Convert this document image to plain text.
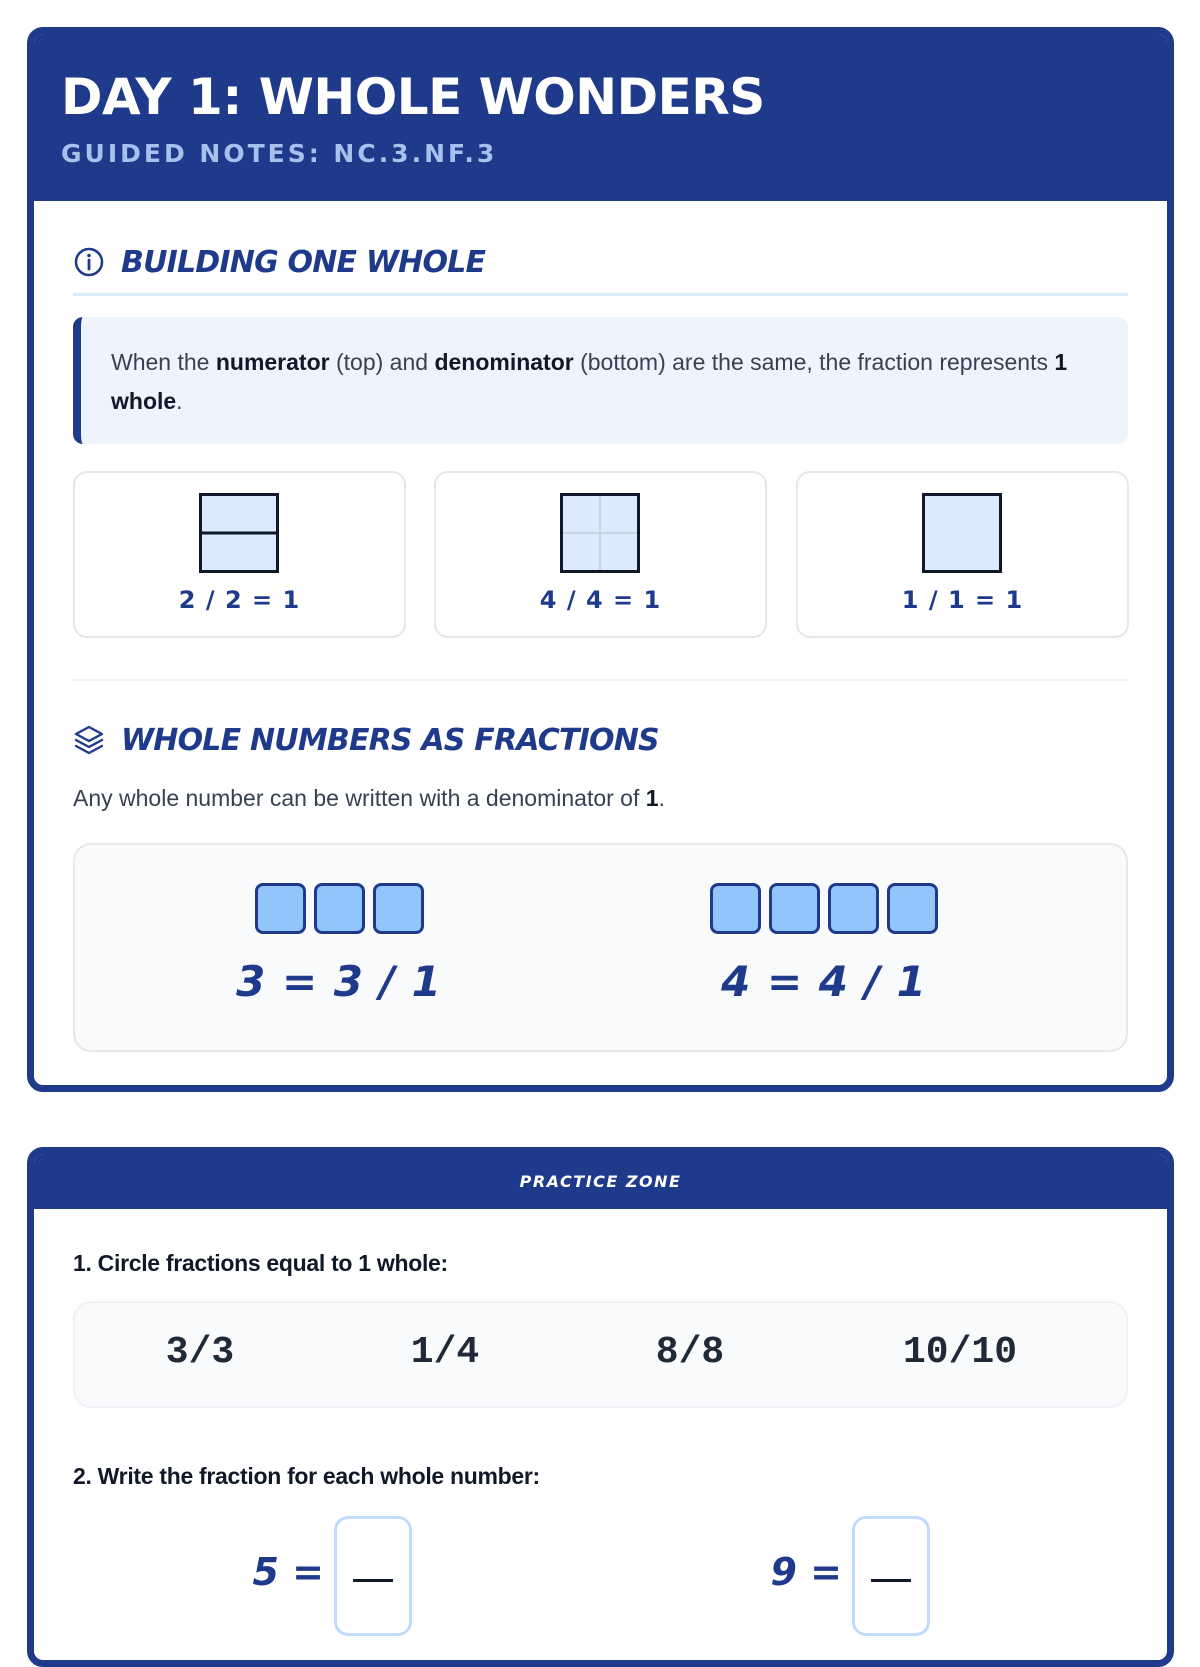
DAY 1: WHOLE WONDERS
GUIDED NOTES: NC.3.NF.3
BUILDING ONE WHOLE
When the numerator (top) and denominator (bottom) are the same, the fraction represents 1 whole.
2 / 2 = 1	4 / 4 = 1	1 / 1 = 1
WHOLE NUMBERS AS FRACTIONS
Any whole number can be written with a denominator of 1.
3 = 3 / 1	4 = 4 / 1
PRACTICE ZONE
1. Circle fractions equal to 1 whole:
3/3	1/4	8/8	10/10
2. Write the fraction for each whole number:
5 =	9 =
